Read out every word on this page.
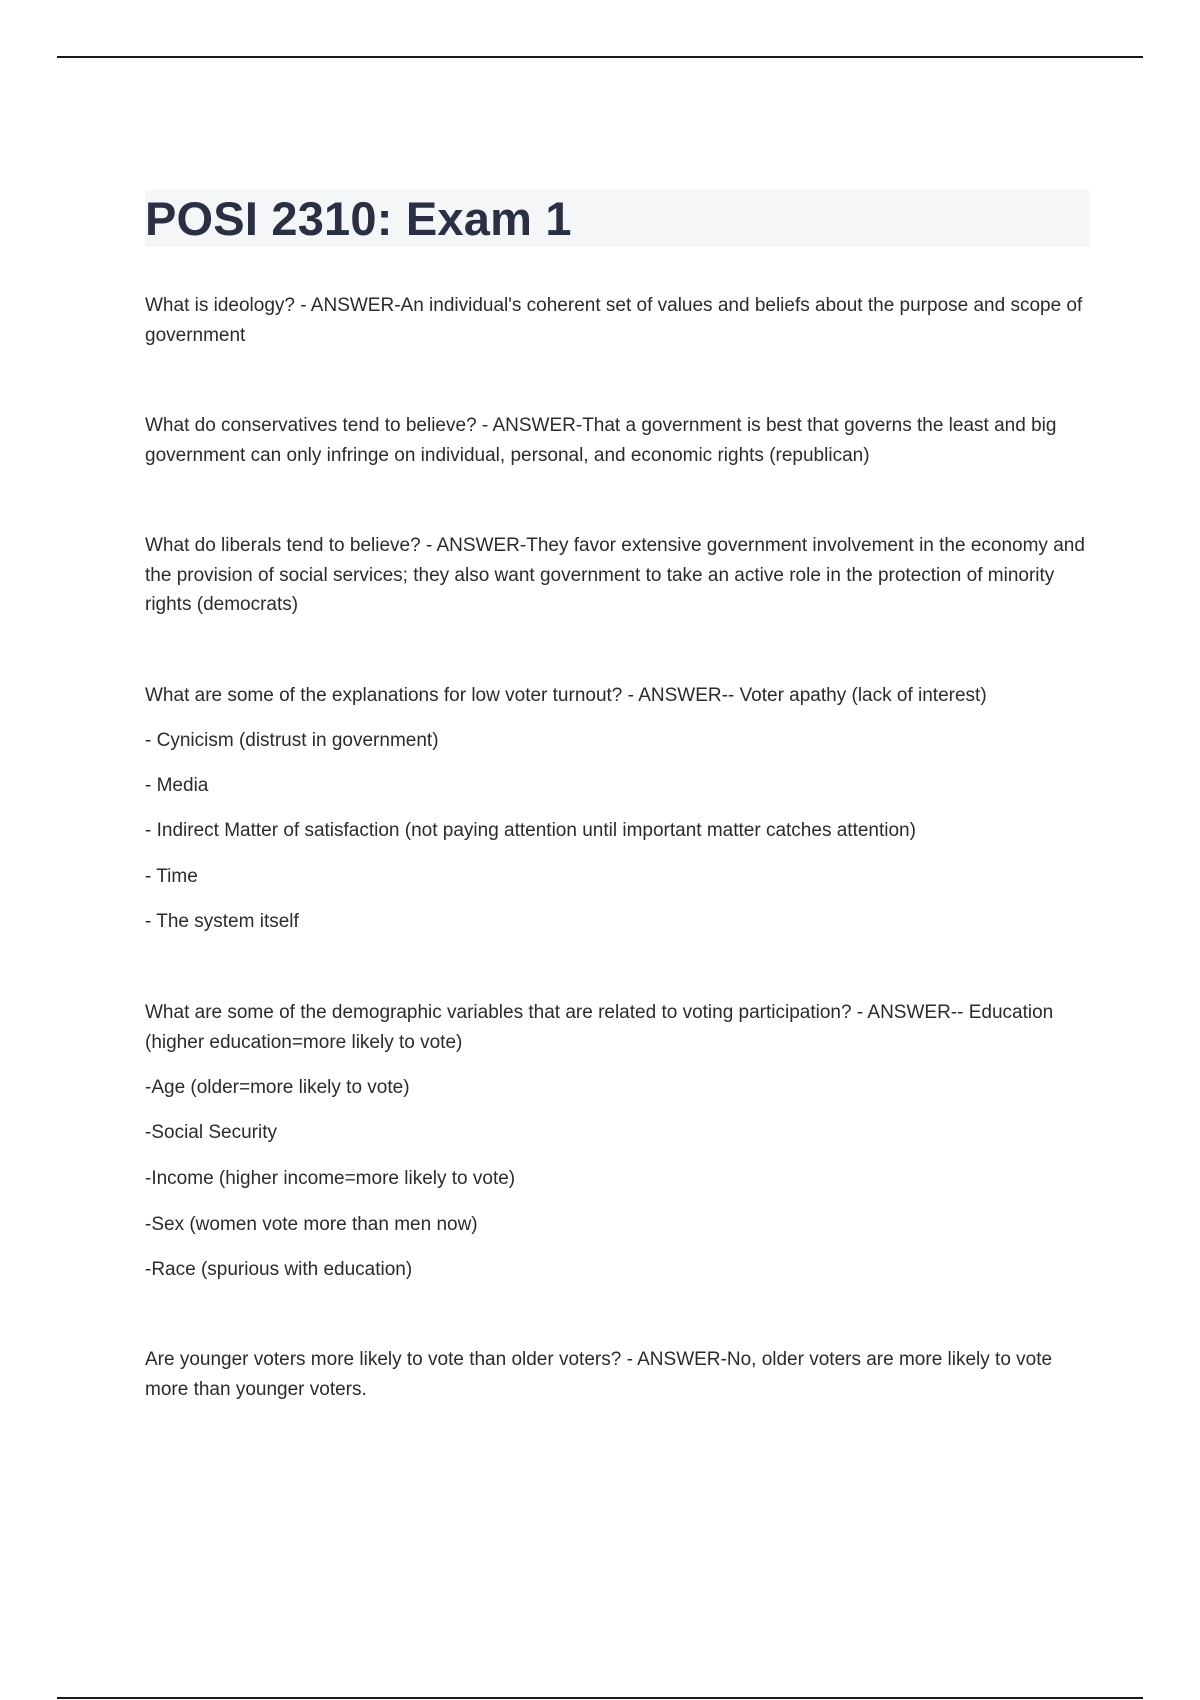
POSI 2310: Exam 1

What is ideology? - ANSWER-An individual's coherent set of values and beliefs about the purpose and scope of government

What do conservatives tend to believe? - ANSWER-That a government is best that governs the least and big government can only infringe on individual, personal, and economic rights (republican)

What do liberals tend to believe? - ANSWER-They favor extensive government involvement in the economy and the provision of social services; they also want government to take an active role in the protection of minority rights (democrats)

What are some of the explanations for low voter turnout? - ANSWER-- Voter apathy (lack of interest)

- Cynicism (distrust in government)

- Media

- Indirect Matter of satisfaction (not paying attention until important matter catches attention)

- Time

- The system itself

What are some of the demographic variables that are related to voting participation? - ANSWER-- Education (higher education=more likely to vote)

-Age (older=more likely to vote)

-Social Security

-Income (higher income=more likely to vote)

-Sex (women vote more than men now)

-Race (spurious with education)

Are younger voters more likely to vote than older voters? - ANSWER-No, older voters are more likely to vote more than younger voters.
